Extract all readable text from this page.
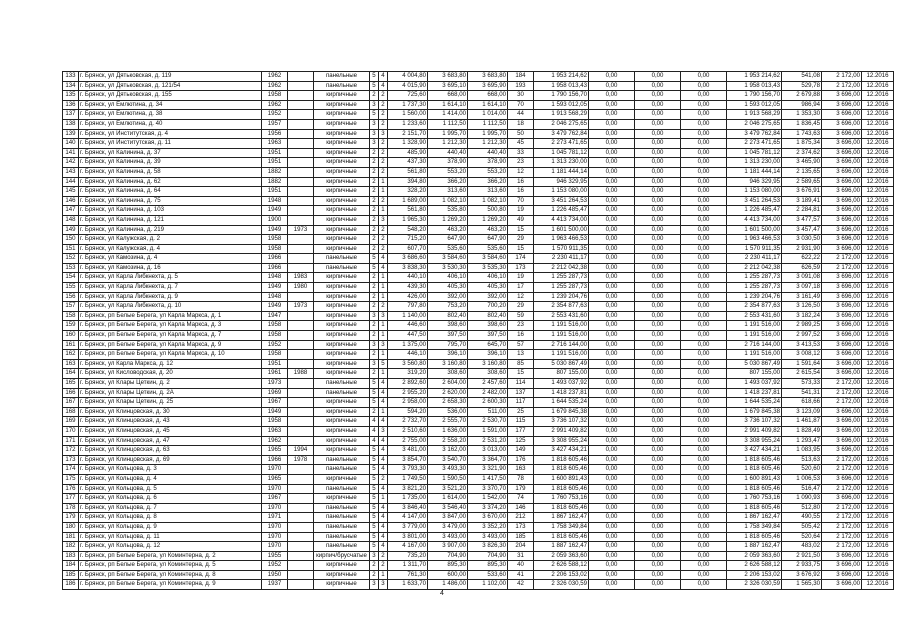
133	г. Брянск, ул Дятьковская, д. 119	1962		панельные	5	4	4 004,80	3 683,80	3 683,80	184	1 953 214,62	0,00	0,00	0,00	1 953 214,62	541,08	2 172,00	12.2016
134	г. Брянск, ул Дятьковская, д. 121/54	1962		панельные	5	4	4 015,90	3 695,10	3 695,90	193	1 958 013,43	0,00	0,00	0,00	1 958 013,43	529,78	2 172,00	12.2016
135	г. Брянск, ул Дятьковская, д. 155	1958		кирпичные	2	2	725,60	668,00	668,00	30	1 790 156,70	0,00	0,00	0,00	1 790 156,70	2 679,88	3 696,00	12.2016
136	г. Брянск, ул Емлютина, д. 34	1962		кирпичные	3	2	1 737,30	1 614,10	1 614,10	70	1 593 012,05	0,00	0,00	0,00	1 593 012,05	986,94	3 696,00	12.2016
137	г. Брянск, ул Емлютина, д. 38	1952		кирпичные	5	2	1 560,00	1 414,00	1 014,00	44	1 913 568,29	0,00	0,00	0,00	1 913 568,29	1 353,30	3 696,00	12.2016
138	г. Брянск, ул Емлютина, д. 40	1957		кирпичные	3	2	1 233,60	1 112,50	1 112,50	18	2 046 275,65	0,00	0,00	0,00	2 046 275,65	1 836,45	3 696,00	12.2016
139	г. Брянск, ул Институтская, д. 4	1956		кирпичные	3	3	2 151,70	1 995,70	1 995,70	50	3 479 762,84	0,00	0,00	0,00	3 479 762,84	1 743,63	3 696,00	12.2016
140	г. Брянск, ул Институтская, д. 11	1963		кирпичные	3	2	1 328,90	1 212,30	1 212,30	45	2 273 471,65	0,00	0,00	0,00	2 273 471,65	1 875,34	3 696,00	12.2016
141	г. Брянск, ул Калинина, д. 37	1951		кирпичные	2	2	485,90	440,40	440,40	33	1 045 781,12	0,00	0,00	0,00	1 045 781,12	2 374,62	3 696,00	12.2016
142	г. Брянск, ул Калинина, д. 39	1951		кирпичные	2	2	437,30	378,90	378,90	23	1 313 230,00	0,00	0,00	0,00	1 313 230,00	3 465,90	3 696,00	12.2016
143	г. Брянск, ул Калинина, д. 58	1882		кирпичные	2	2	561,80	553,20	553,20	12	1 181 444,14	0,00	0,00	0,00	1 181 444,14	2 135,65	3 696,00	12.2016
144	г. Брянск, ул Калинина, д. 62	1882		кирпичные	2	1	394,80	366,20	366,20	16	946 329,95	0,00	0,00	0,00	946 329,95	2 589,65	3 696,00	12.2016
145	г. Брянск, ул Калинина, д. 64	1951		кирпичные	2	1	328,20	313,60	313,60	16	1 153 080,00	0,00	0,00	0,00	1 153 080,00	3 676,91	3 696,00	12.2016
146	г. Брянск, ул Калинина, д. 75	1948		кирпичные	2	2	1 689,00	1 082,10	1 082,10	70	3 451 264,53	0,00	0,00	0,00	3 451 264,53	3 189,41	3 696,00	12.2016
147	г. Брянск, ул Калинина, д. 103	1949		кирпичные	2	1	561,80	535,80	500,80	19	1 226 485,47	0,00	0,00	0,00	1 226 485,47	2 284,81	3 696,00	12.2016
148	г. Брянск, ул Калинина, д. 121	1900		кирпичные	2	3	1 965,30	1 269,20	1 269,20	49	4 413 734,00	0,00	0,00	0,00	4 413 734,00	3 477,57	3 696,00	12.2016
149	г. Брянск, ул Калинина, д. 219	1949	1973	кирпичные	2	2	548,20	463,20	463,20	15	1 601 500,00	0,00	0,00	0,00	1 601 500,00	3 457,47	3 696,00	12.2016
150	г. Брянск, ул Калужская, д. 2	1958		кирпичные	2	2	715,20	647,90	647,90	29	1 963 466,53	0,00	0,00	0,00	1 963 466,53	3 030,50	3 696,00	12.2016
151	г. Брянск, ул Калужская, д. 4	1958		кирпичные	2	2	607,70	535,60	535,60	15	1 570 911,35	0,00	0,00	0,00	1 570 911,35	2 931,90	3 696,00	12.2016
152	г. Брянск, ул Камозина, д. 4	1966		панельные	5	4	3 686,60	3 584,60	3 584,60	174	2 230 411,17	0,00	0,00	0,00	2 230 411,17	622,22	2 172,00	12.2016
153	г. Брянск, ул Камозина, д. 16	1966		панельные	5	4	3 838,30	3 530,30	3 535,30	173	2 212 042,38	0,00	0,00	0,00	2 212 042,38	626,59	2 172,00	12.2016
154	г. Брянск, ул Карла Либкнехта, д. 5	1948	1983	кирпичные	2	1	440,10	406,10	406,10	19	1 255 287,73	0,00	0,00	0,00	1 255 287,73	3 091,08	3 696,00	12.2016
155	г. Брянск, ул Карла Либкнехта, д. 7	1949	1980	кирпичные	2	1	439,30	405,30	405,30	17	1 255 287,73	0,00	0,00	0,00	1 255 287,73	3 097,18	3 696,00	12.2016
156	г. Брянск, ул Карла Либкнехта, д. 9	1948		кирпичные	2	1	426,00	392,00	392,00	12	1 239 204,76	0,00	0,00	0,00	1 239 204,76	3 161,49	3 696,00	12.2016
157	г. Брянск, ул Карла Либкнехта, д. 10	1949	1973	кирпичные	2	2	797,80	753,20	700,20	29	2 354 877,63	0,00	0,00	0,00	2 354 877,63	3 126,50	3 696,00	12.2016
158	г. Брянск, рп Белые Берега, ул Карла Маркса, д. 1	1947		кирпичные	3	3	1 140,00	802,40	802,40	59	2 553 431,60	0,00	0,00	0,00	2 553 431,60	3 182,24	3 696,00	12.2016
159	г. Брянск, рп Белые Берега, ул Карла Маркса, д. 3	1958		кирпичные	2	1	446,60	398,60	398,60	23	1 191 516,00	0,00	0,00	0,00	1 191 516,00	2 989,25	3 696,00	12.2016
160	г. Брянск, рп Белые Берега, ул Карла Маркса, д. 7	1958		кирпичные	2	1	447,50	397,50	397,50	16	1 191 516,00	0,00	0,00	0,00	1 191 516,00	2 997,52	3 696,00	12.2016
161	г. Брянск, рп Белые Берега, ул Карла Маркса, д. 9	1952		кирпичные	3	3	1 375,00	795,70	645,70	57	2 716 144,00	0,00	0,00	0,00	2 716 144,00	3 413,53	3 696,00	12.2016
162	г. Брянск, рп Белые Берега, ул Карла Маркса, д. 10	1958		кирпичные	2	1	446,10	396,10	396,10	13	1 191 516,00	0,00	0,00	0,00	1 191 516,00	3 008,12	3 696,00	12.2016
163	г. Брянск, ул Карла Маркса, д. 12	1951		кирпичные	3	5	3 560,80	3 160,80	3 160,80	85	5 030 867,49	0,00	0,00	0,00	5 030 867,49	1 591,64	3 696,00	12.2016
164	г. Брянск, ул Кисловодская, д. 20	1961	1988	кирпичные	2	1	319,20	308,60	308,60	15	807 155,00	0,00	0,00	0,00	807 155,00	2 615,54	3 696,00	12.2016
165	г. Брянск, ул Клары Цеткин, д. 2	1973		панельные	5	4	2 892,60	2 604,00	2 457,60	114	1 493 037,92	0,00	0,00	0,00	1 493 037,92	573,33	2 172,00	12.2016
166	г. Брянск, ул Клары Цеткин, д. 2А	1969		панельные	5	4	2 955,20	2 620,00	2 482,00	137	1 418 237,81	0,00	0,00	0,00	1 418 237,81	541,31	2 172,00	12.2016
167	г. Брянск, ул Клары Цеткин, д. 25	1967		кирпичные	5	4	2 958,00	2 658,30	2 600,30	117	1 644 535,24	0,00	0,00	0,00	1 644 535,24	618,66	2 172,00	12.2016
168	г. Брянск, ул Клинцовская, д. 30	1949		кирпичные	2	1	594,20	536,00	511,00	25	1 679 845,38	0,00	0,00	0,00	1 679 845,38	3 123,09	3 696,00	12.2016
169	г. Брянск, ул Клинцовская, д. 43	1958		кирпичные	4	4	2 732,70	2 555,70	2 530,70	115	3 736 107,32	0,00	0,00	0,00	3 736 107,32	1 461,87	3 696,00	12.2016
170	г. Брянск, ул Клинцовская, д. 45	1963		кирпичные	4	3	2 510,60	1 636,00	1 591,00	177	2 991 409,82	0,00	0,00	0,00	2 991 409,82	1 828,49	3 696,00	12.2016
171	г. Брянск, ул Клинцовская, д. 47	1962		кирпичные	4	4	2 755,00	2 558,20	2 531,20	125	3 308 955,24	0,00	0,00	0,00	3 308 955,24	1 293,47	3 696,00	12.2016
172	г. Брянск, ул Клинцовская, д. 63	1965	1994	кирпичные	5	4	3 481,00	3 162,00	3 013,00	149	3 427 434,21	0,00	0,00	0,00	3 427 434,21	1 083,95	3 696,00	12.2016
173	г. Брянск, ул Клинцовская, д. 69	1966	1978	панельные	5	4	3 854,70	3 540,70	3 364,70	176	1 818 605,46	0,00	0,00	0,00	1 818 605,46	513,63	2 172,00	12.2016
174	г. Брянск, ул Кольцова, д. 3	1970		панельные	5	4	3 793,30	3 493,30	3 321,90	163	1 818 605,46	0,00	0,00	0,00	1 818 605,46	520,60	2 172,00	12.2016
175	г. Брянск, ул Кольцова, д. 4	1965		кирпичные	5	2	1 749,50	1 590,50	1 417,50	78	1 600 891,43	0,00	0,00	0,00	1 600 891,43	1 006,53	3 696,00	12.2016
176	г. Брянск, ул Кольцова, д. 5	1970		панельные	5	4	3 821,20	3 521,20	3 370,70	179	1 818 605,46	0,00	0,00	0,00	1 818 605,46	516,47	2 172,00	12.2016
177	г. Брянск, ул Кольцова, д. 6	1967		кирпичные	5	1	1 735,00	1 614,00	1 542,00	74	1 760 753,16	0,00	0,00	0,00	1 760 753,16	1 090,93	3 696,00	12.2016
178	г. Брянск, ул Кольцова, д. 7	1970		панельные	5	4	3 846,40	3 546,40	3 374,20	146	1 818 605,46	0,00	0,00	0,00	1 818 605,46	512,80	2 172,00	12.2016
179	г. Брянск, ул Кольцова, д. 8	1971		панельные	5	4	4 147,00	3 847,00	3 670,00	212	1 867 162,47	0,00	0,00	0,00	1 867 162,47	490,55	2 172,00	12.2016
180	г. Брянск, ул Кольцова, д. 9	1970		панельные	5	4	3 779,00	3 479,00	3 352,20	173	1 758 349,84	0,00	0,00	0,00	1 758 349,84	505,42	2 172,00	12.2016
181	г. Брянск, ул Кольцова, д. 11	1970		панельные	5	4	3 801,00	3 493,00	3 493,00	185	1 818 605,46	0,00	0,00	0,00	1 818 605,46	520,64	2 172,00	12.2016
182	г. Брянск, ул Кольцова, д. 12	1970		панельные	5	4	4 167,00	3 907,00	3 826,30	204	1 887 162,47	0,00	0,00	0,00	1 887 162,47	483,02	2 172,00	12.2016
183	г. Брянск, рп Белые Берега, ул Коминтерна, д. 2	1955		кирпич/брусчатые	3	2	735,20	704,90	704,90	31	2 059 363,60	0,00	0,00	0,00	2 059 363,60	2 921,50	3 696,00	12.2016
184	г. Брянск, рп Белые Берега, ул Коминтерна, д. 5	1952		кирпичные	2	2	1 311,70	895,30	895,30	40	2 626 588,12	0,00	0,00	0,00	2 626 588,12	2 933,75	3 696,00	12.2016
185	г. Брянск, рп Белые Берега, ул Коминтерна, д. 8	1950		кирпичные	2	1	761,30	600,00	533,60	41	2 206 153,02	0,00	0,00	0,00	2 206 153,02	3 676,92	3 696,00	12.2016
186	г. Брянск, рп Белые Берега, ул Коминтерна, д. 9	1937		кирпичные	3	3	1 633,70	1 486,00	1 102,00	42	2 326 030,59	0,00	0,00	0,00	2 326 030,59	1 565,30	3 696,00	12.2016
4
